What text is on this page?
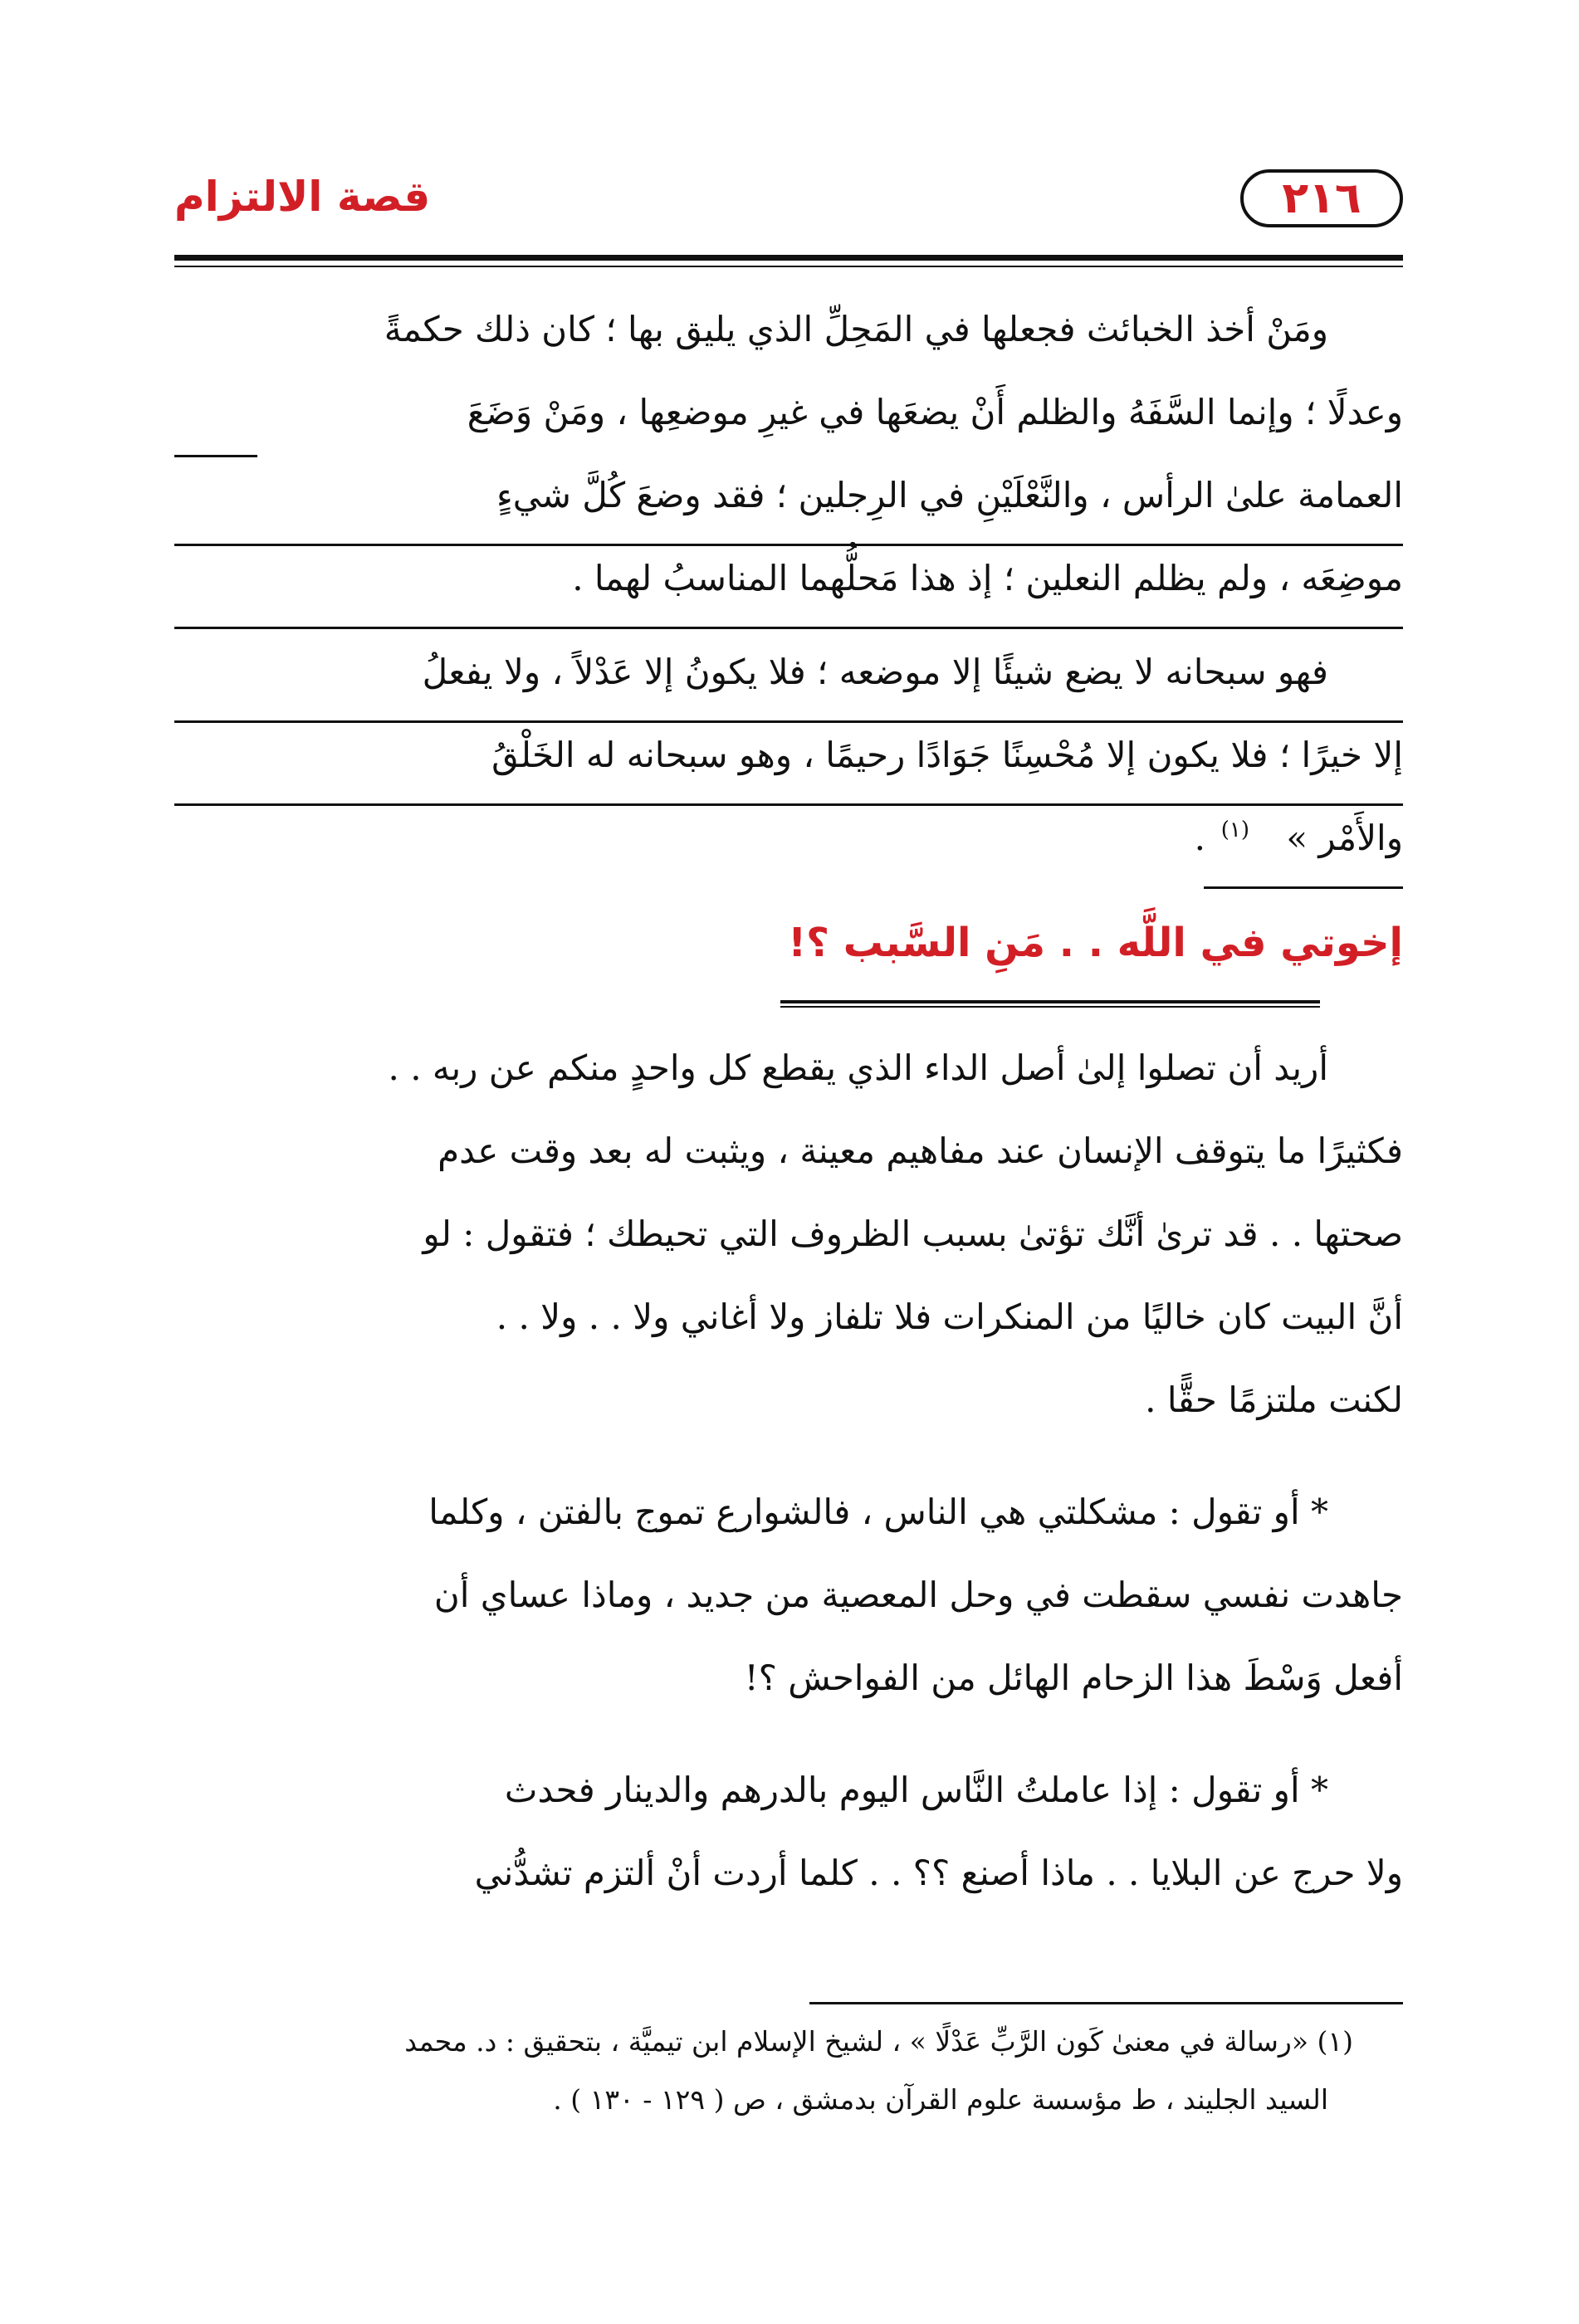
قصة الالتزام	٢١٦
ومَنْ أخذ الخبائث فجعلها في المَحِلِّ الذي يليق بها ؛ كان ذلك حكمةً
وعدلًا ؛ وإنما السَّفَهُ والظلم أَنْ يضعَها في غيرِ موضعِها ، ومَنْ وَضَعَ
العمامة علىٰ الرأس ، والنَّعْلَيْنِ في الرِجلين ؛ فقد وضعَ كُلَّ شيءٍ
موضِعَه ، ولم يظلم النعلين ؛ إذ هذا مَحلُّهما المناسبُ لهما .
فهو سبحانه لا يضع شيئًا إلا موضعه ؛ فلا يكونُ إلا عَدْلاً ، ولا يفعلُ
إلا خيرًا ؛ فلا يكون إلا مُحْسِنًا جَوَادًا رحيمًا ، وهو سبحانه له الخَلْقُ
والأَمْر »
(١)
.
إخوتي في اللَّه . . مَنِ السَّبب ؟!
أريد أن تصلوا إلىٰ أصل الداء الذي يقطع كل واحدٍ منكم عن ربه . .
فكثيرًا ما يتوقف الإنسان عند مفاهيم معينة ، ويثبت له بعد وقت عدم
صحتها . . قد ترىٰ أنَّك تؤتىٰ بسبب الظروف التي تحيطك ؛ فتقول : لو
أنَّ البيت كان خاليًا من المنكرات فلا تلفاز ولا أغاني ولا . . ولا . .
لكنت ملتزمًا حقًّا .
* أو تقول : مشكلتي هي الناس ، فالشوارع تموج بالفتن ، وكلما
جاهدت نفسي سقطت في وحل المعصية من جديد ، وماذا عساي أن
أفعل وَسْطَ هذا الزحام الهائل من الفواحش ؟!
* أو تقول : إذا عاملتُ النَّاس اليوم بالدرهم والدينار فحدث
ولا حرج عن البلايا . . ماذا أصنع ؟؟ . . كلما أردت أنْ ألتزم تشدُّني
(١) «رسالة في معنىٰ كَون الرَّبِّ عَدْلًا » ، لشيخ الإسلام ابن تيميَّة ، بتحقيق : د. محمد
السيد الجليند ، ط مؤسسة علوم القرآن بدمشق ، ص ( ١٢٩ - ١٣٠ ) .
